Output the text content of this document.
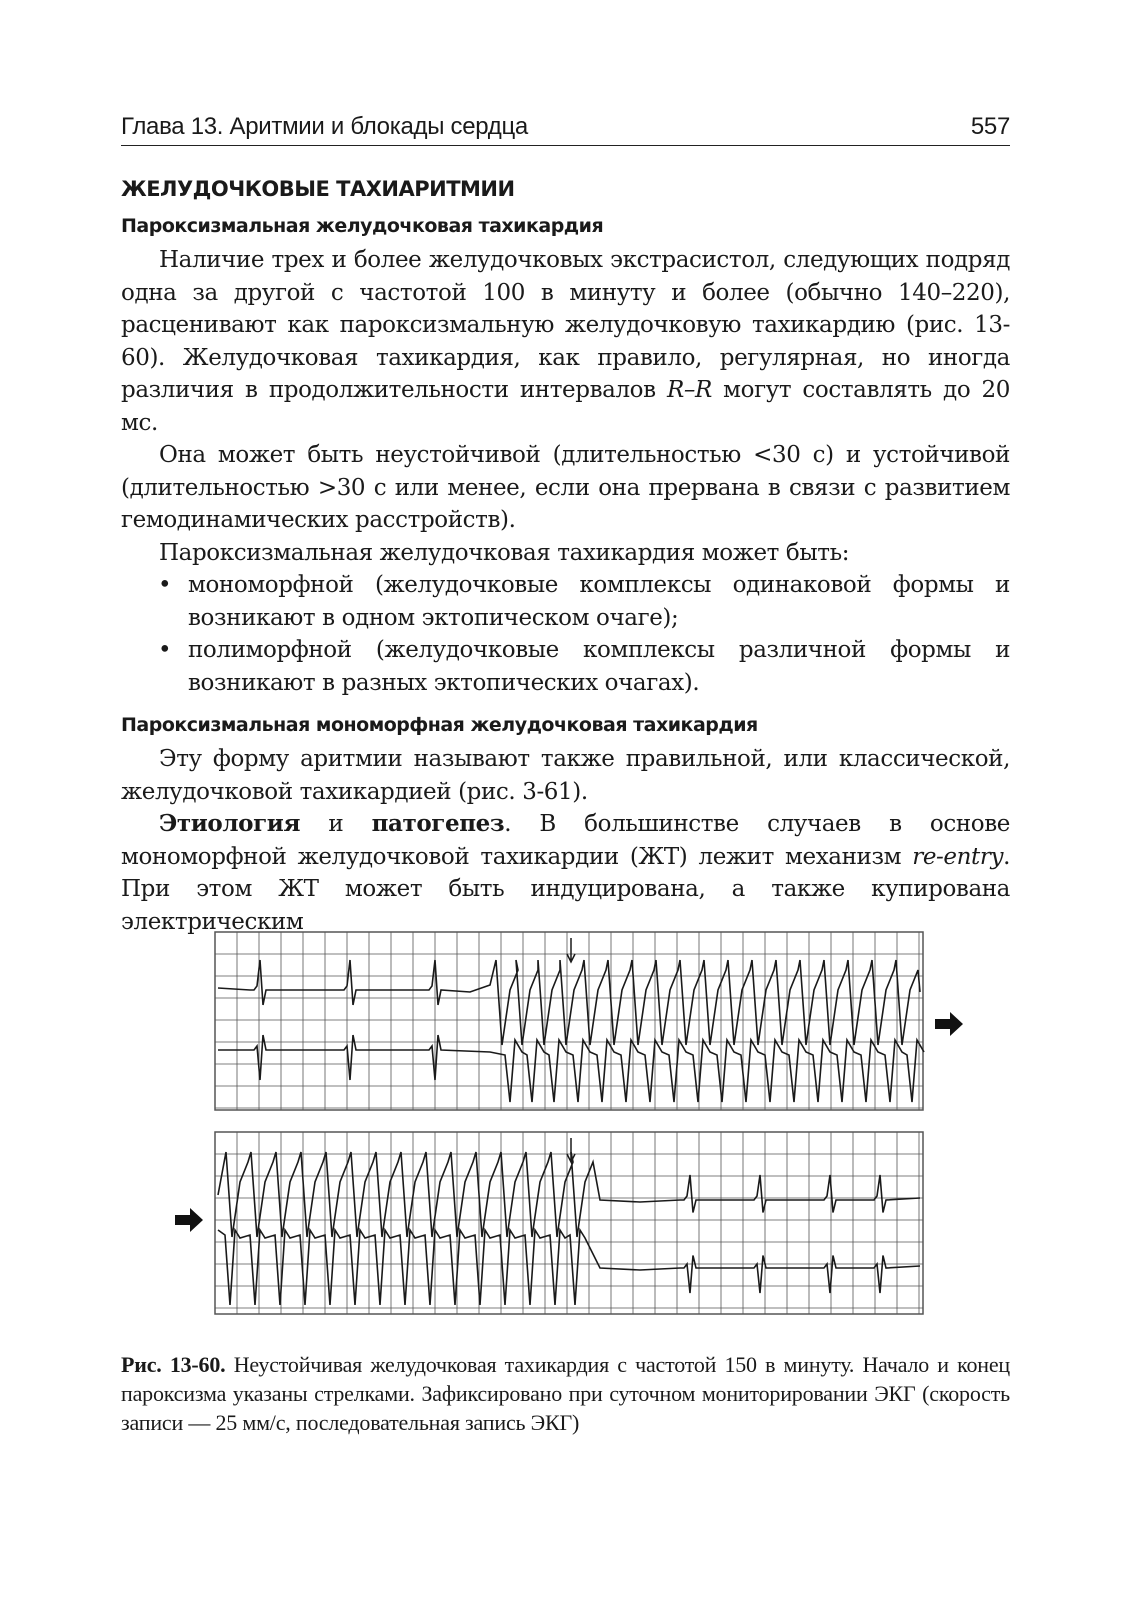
Глава 13. Аритмии и блокады сердца	557
ЖЕЛУДОЧКОВЫЕ ТАХИАРИТМИИ
Пароксизмальная желудочковая тахикардия

Наличие трех и более желудочковых экстрасистол, следующих подряд одна за другой с частотой 100 в минуту и более (обычно 140–220), расценивают как пароксизмальную желудочковую тахикардию (рис. 13-60). Желудочковая тахикардия, как правило, регулярная, но иногда различия в продолжительности интервалов R–R могут составлять до 20 мс.

Она может быть неустойчивой (длительностью <30 с) и устойчивой (длительностью >30 с или менее, если она прервана в связи с развитием гемодинамических расстройств).

Пароксизмальная желудочковая тахикардия может быть:

• мономорфной (желудочковые комплексы одинаковой формы и возникают в одном эктопическом очаге);
• полиморфной (желудочковые комплексы различной формы и возникают в разных эктопических очагах).
Пароксизмальная мономорфная желудочковая тахикардия

Эту форму аритмии называют также правильной, или классической, желудочковой тахикардией (рис. 3-61).

Этиология и патогепез. В большинстве случаев в основе мономорфной желудочковой тахикардии (ЖТ) лежит механизм re-entry. При этом ЖТ может быть индуцирована, а также купирована электрическим

Рис. 13-60. Неустойчивая желудочковая тахикардия с частотой 150 в минуту. Начало и конец пароксизма указаны стрелками. Зафиксировано при суточном мониторировании ЭКГ (скорость записи — 25 мм/с, последовательная запись ЭКГ)
